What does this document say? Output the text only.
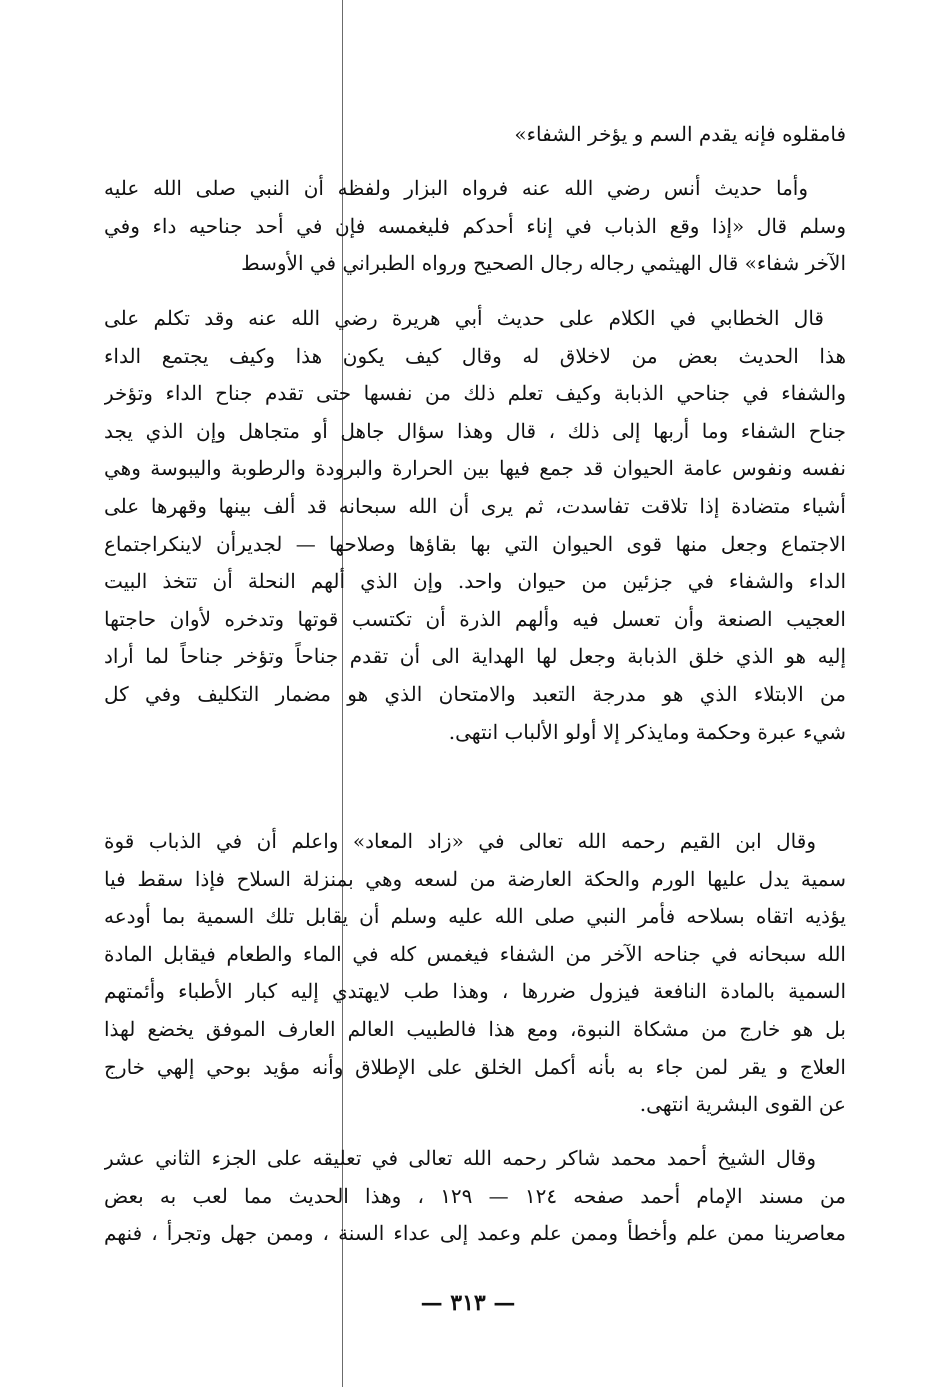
فامقلوه فإنه يقدم السم و يؤخر الشفاء»
وأما حديث أنس رضي الله عنه فرواه البزار ولفظه أن النبي صلى الله عليه
وسلم قال «إذا وقع الذباب في إناء أحدكم فليغمسه فإن في أحد جناحيه داء وفي
الآخر شفاء» قال الهيثمي رجاله رجال الصحيح ورواه الطبراني في الأوسط
قال الخطابي في الكلام على حديث أبي هريرة رضي الله عنه وقد تكلم على
هذا الحديث بعض من لاخلاق له وقال كيف يكون هذا وكيف يجتمع الداء
والشفاء في جناحي الذبابة وكيف تعلم ذلك من نفسها حتى تقدم جناح الداء وتؤخر
جناح الشفاء وما أربها إلى ذلك ، قال وهذا سؤال جاهل أو متجاهل وإن الذي يجد
نفسه ونفوس عامة الحيوان قد جمع فيها بين الحرارة والبرودة والرطوبة واليبوسة وهي
أشياء متضادة إذا تلاقت تفاسدت، ثم يرى أن الله سبحانه قد ألف بينها وقهرها على
الاجتماع وجعل منها قوى الحيوان التي بها بقاؤها وصلاحها — لجديرأن لاينكراجتماع
الداء والشفاء في جزئين من حيوان واحد. وإن الذي ألهم النحلة أن تتخذ البيت
العجيب الصنعة وأن تعسل فيه وألهم الذرة أن تكتسب قوتها وتدخره لأوان حاجتها
إليه هو الذي خلق الذبابة وجعل لها الهداية الى أن تقدم جناحاً وتؤخر جناحاً لما أراد
من الابتلاء الذي هو مدرجة التعبد والامتحان الذي هو مضمار التكليف وفي كل
شيء عبرة وحكمة ومايذكر إلا أولو الألباب انتهى.
وقال ابن القيم رحمه الله تعالى في «زاد المعاد» واعلم أن في الذباب قوة
سمية يدل عليها الورم والحكة العارضة من لسعه وهي بمنزلة السلاح فإذا سقط فيا
يؤذيه اتقاه بسلاحه فأمر النبي صلى الله عليه وسلم أن يقابل تلك السمية بما أودعه
الله سبحانه في جناحه الآخر من الشفاء فيغمس كله في الماء والطعام فيقابل المادة
السمية بالمادة النافعة فيزول ضررها ، وهذا طب لايهتدي إليه كبار الأطباء وأئمتهم
بل هو خارج من مشكاة النبوة، ومع هذا فالطبيب العالم العارف الموفق يخضع لهذا
العلاج و يقر لمن جاء به بأنه أكمل الخلق على الإطلاق وأنه مؤيد بوحي إلهي خارج
عن القوى البشرية انتهى.
وقال الشيخ أحمد محمد شاكر رحمه الله تعالى في تعليقه على الجزء الثاني عشر
من مسند الإمام أحمد صفحه ١٢٤ — ١٢٩ ، وهذا الحديث مما لعب به بعض
معاصرينا ممن علم وأخطأ وممن علم وعمد إلى عداء السنة ، وممن جهل وتجرأ ، فنهم
— ٣١٣ —
